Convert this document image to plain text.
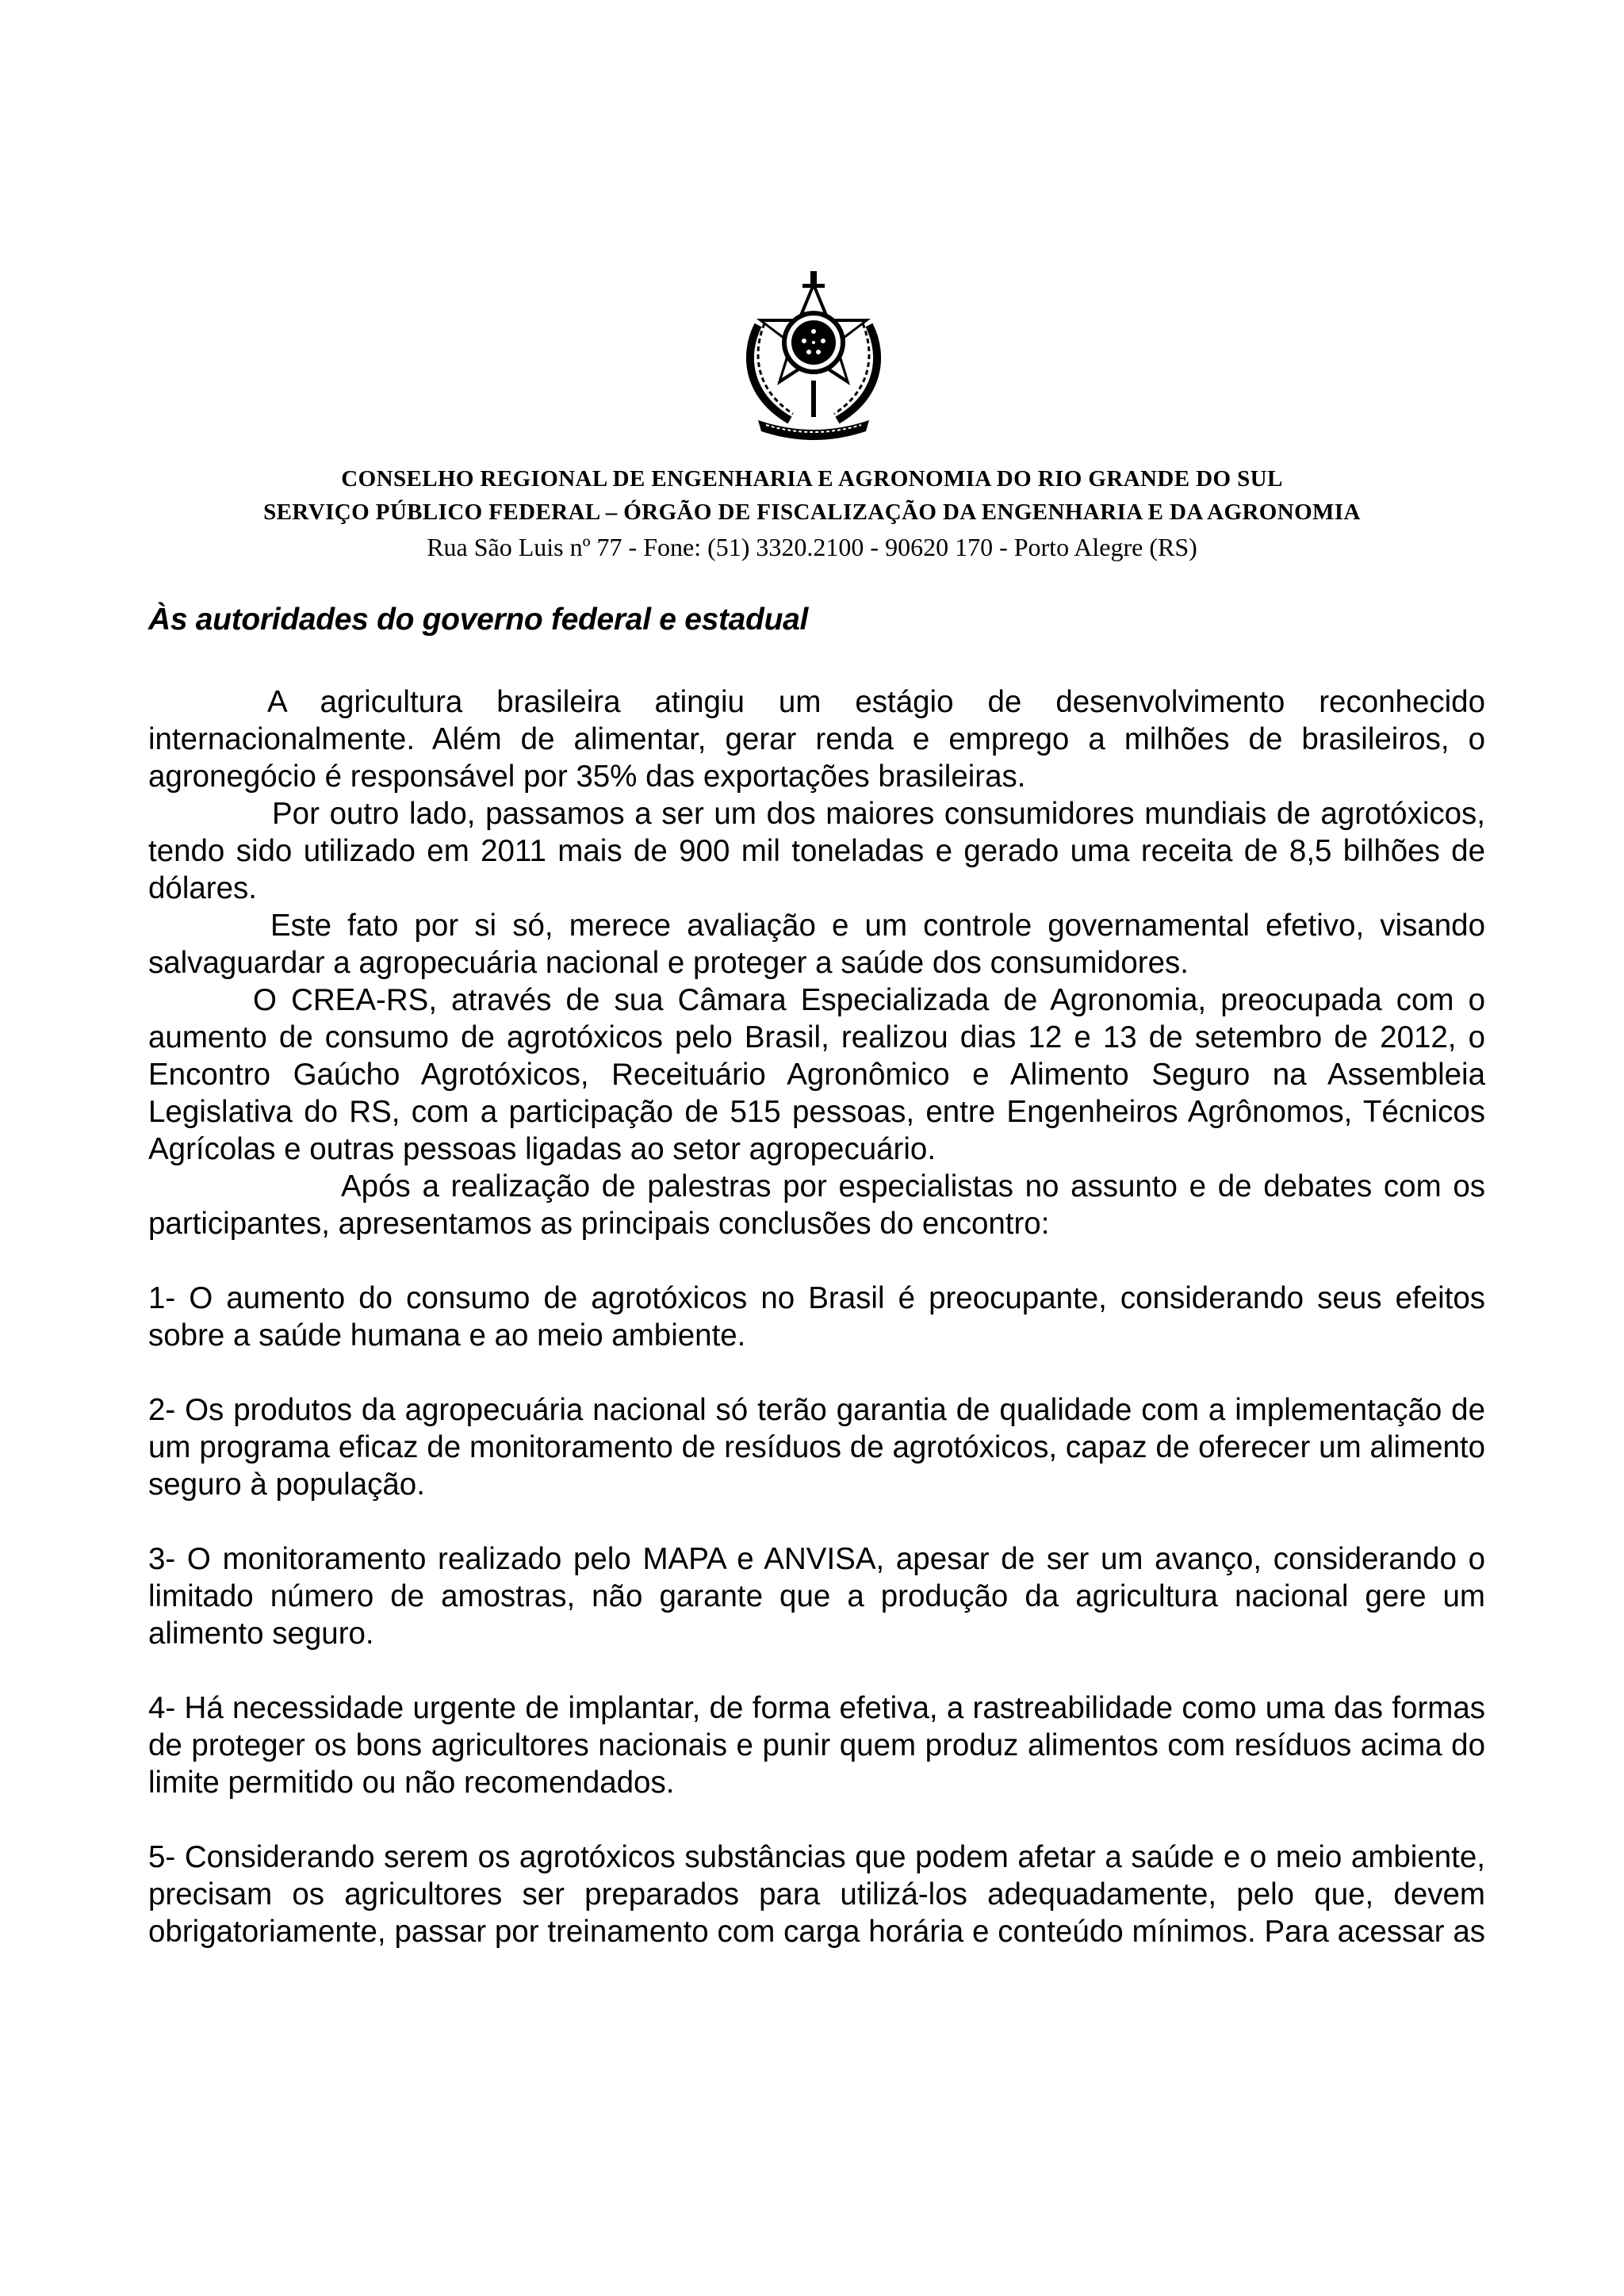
CONSELHO REGIONAL DE ENGENHARIA E AGRONOMIA DO RIO GRANDE DO SUL
SERVIÇO PÚBLICO FEDERAL – ÓRGÃO DE FISCALIZAÇÃO DA ENGENHARIA E DA AGRONOMIA
Rua São Luis nº 77 - Fone: (51) 3320.2100 - 90620 170 - Porto Alegre (RS)
Às autoridades do governo federal e estadual

A agricultura brasileira atingiu um estágio de desenvolvimento reconhecido internacionalmente. Além de alimentar, gerar renda e emprego a milhões de brasileiros, o agronegócio é responsável por 35% das exportações brasileiras.

Por outro lado, passamos a ser um dos maiores consumidores mundiais de agrotóxicos, tendo sido utilizado em 2011 mais de 900 mil toneladas e gerado uma receita de 8,5 bilhões de dólares.

Este fato por si só, merece avaliação e um controle governamental efetivo, visando salvaguardar a agropecuária nacional e proteger a saúde dos consumidores.

O CREA-RS, através de sua Câmara Especializada de Agronomia, preocupada com o aumento de consumo de agrotóxicos pelo Brasil, realizou dias 12 e 13 de setembro de 2012, o Encontro Gaúcho Agrotóxicos, Receituário Agronômico e Alimento Seguro na Assembleia Legislativa do RS, com a participação de 515 pessoas, entre Engenheiros Agrônomos, Técnicos Agrícolas e outras pessoas ligadas ao setor agropecuário.

Após a realização de palestras por especialistas no assunto e de debates com os participantes, apresentamos as principais conclusões do encontro:

1- O aumento do consumo de agrotóxicos no Brasil é preocupante, considerando seus efeitos sobre a saúde humana e ao meio ambiente.

2- Os produtos da agropecuária nacional só terão garantia de qualidade com a implementação de um programa eficaz de monitoramento de resíduos de agrotóxicos, capaz de oferecer um alimento seguro à população.

3- O monitoramento realizado pelo MAPA e ANVISA, apesar de ser um avanço, considerando o limitado número de amostras, não garante que a produção da agricultura nacional gere um alimento seguro.

4- Há necessidade urgente de implantar, de forma efetiva, a rastreabilidade como uma das formas de proteger os bons agricultores nacionais e punir quem produz alimentos com resíduos acima do limite permitido ou não recomendados.

5- Considerando serem os agrotóxicos substâncias que podem afetar a saúde e o meio ambiente, precisam os agricultores ser preparados para utilizá-los adequadamente, pelo que, devem obrigatoriamente, passar por treinamento com carga horária e conteúdo mínimos. Para acessar as
